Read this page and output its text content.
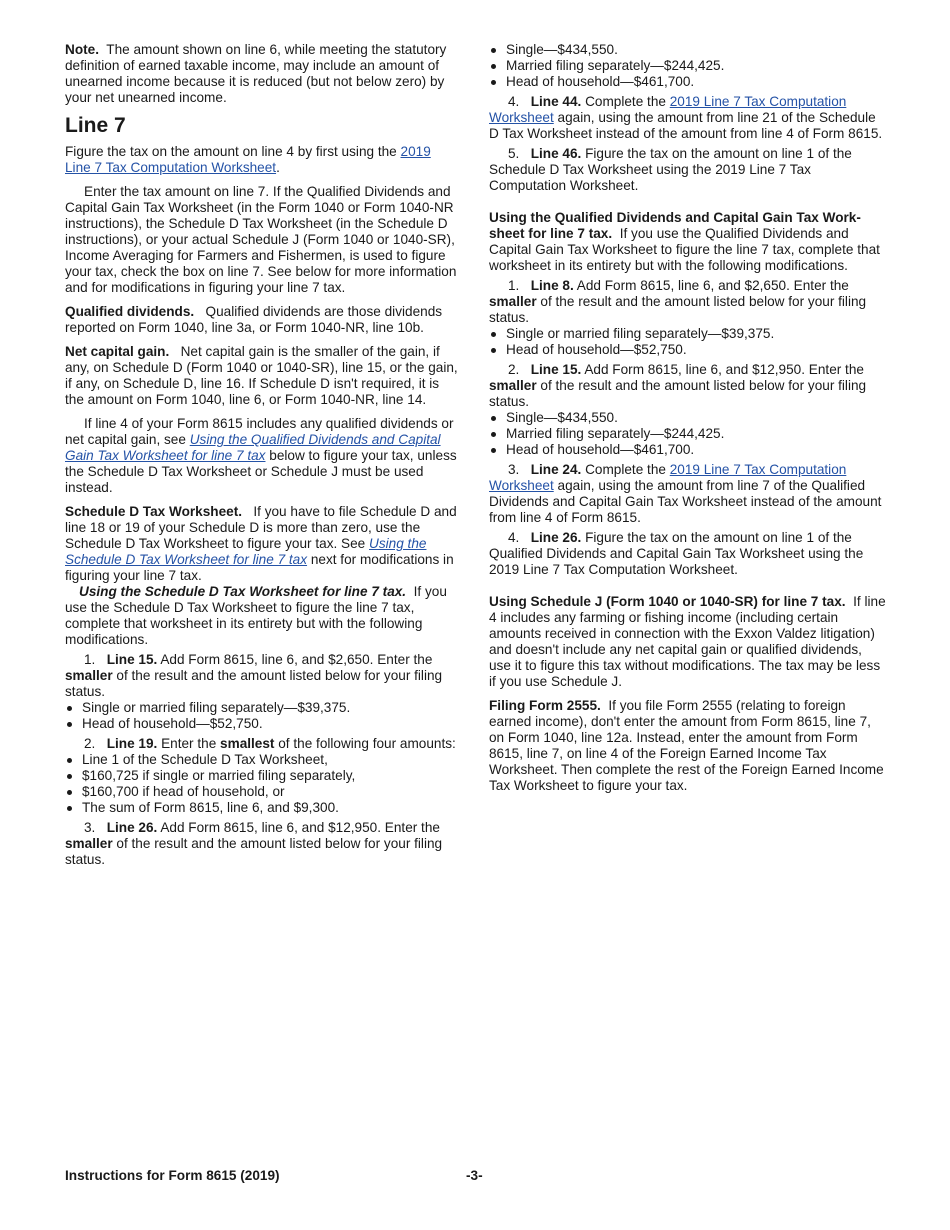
Note. The amount shown on line 6, while meeting the statutory definition of earned taxable income, may include an amount of unearned income because it is reduced (but not below zero) by your net unearned income.

Line 7

Figure the tax on the amount on line 4 by first using the 2019 Line 7 Tax Computation Worksheet.

Enter the tax amount on line 7. If the Qualified Dividends and Capital Gain Tax Worksheet (in the Form 1040 or Form 1040-NR instructions), the Schedule D Tax Worksheet (in the Schedule D instructions), or your actual Schedule J (Form 1040 or 1040-SR), Income Averaging for Farmers and Fishermen, is used to figure your tax, check the box on line 7. See below for more information and for modifications in figuring your line 7 tax.

Qualified dividends. Qualified dividends are those dividends reported on Form 1040, line 3a, or Form 1040-NR, line 10b.

Net capital gain. Net capital gain is the smaller of the gain, if any, on Schedule D (Form 1040 or 1040-SR), line 15, or the gain, if any, on Schedule D, line 16. If Schedule D isn't required, it is the amount on Form 1040, line 6, or Form 1040-NR, line 14.

If line 4 of your Form 8615 includes any qualified dividends or net capital gain, see Using the Qualified Dividends and Capital Gain Tax Worksheet for line 7 tax below to figure your tax, unless the Schedule D Tax Worksheet or Schedule J must be used instead.

Schedule D Tax Worksheet. If you have to file Schedule D and line 18 or 19 of your Schedule D is more than zero, use the Schedule D Tax Worksheet to figure your tax. See Using the Schedule D Tax Worksheet for line 7 tax next for modifications in figuring your line 7 tax.

Using the Schedule D Tax Worksheet for line 7 tax. If you use the Schedule D Tax Worksheet to figure the line 7 tax, complete that worksheet in its entirety but with the following modifications.

1. Line 15. Add Form 8615, line 6, and $2,650. Enter the smaller of the result and the amount listed below for your filing status.

Single or married filing separately—$39,375.
Head of household—$52,750.

2. Line 19. Enter the smallest of the following four amounts:

Line 1 of the Schedule D Tax Worksheet,
$160,725 if single or married filing separately,
$160,700 if head of household, or
The sum of Form 8615, line 6, and $9,300.

3. Line 26. Add Form 8615, line 6, and $12,950. Enter the smaller of the result and the amount listed below for your filing status.

Single—$434,550.
Married filing separately—$244,425.
Head of household—$461,700.

4. Line 44. Complete the 2019 Line 7 Tax Computation Worksheet again, using the amount from line 21 of the Schedule D Tax Worksheet instead of the amount from line 4 of Form 8615.

5. Line 46. Figure the tax on the amount on line 1 of the Schedule D Tax Worksheet using the 2019 Line 7 Tax Computation Worksheet.

Using the Qualified Dividends and Capital Gain Tax Work-sheet for line 7 tax. If you use the Qualified Dividends and Capital Gain Tax Worksheet to figure the line 7 tax, complete that worksheet in its entirety but with the following modifications.

1. Line 8. Add Form 8615, line 6, and $2,650. Enter the smaller of the result and the amount listed below for your filing status.

Single or married filing separately—$39,375.
Head of household—$52,750.

2. Line 15. Add Form 8615, line 6, and $12,950. Enter the smaller of the result and the amount listed below for your filing status.

Single—$434,550.
Married filing separately—$244,425.
Head of household—$461,700.

3. Line 24. Complete the 2019 Line 7 Tax Computation Worksheet again, using the amount from line 7 of the Qualified Dividends and Capital Gain Tax Worksheet instead of the amount from line 4 of Form 8615.

4. Line 26. Figure the tax on the amount on line 1 of the Qualified Dividends and Capital Gain Tax Worksheet using the 2019 Line 7 Tax Computation Worksheet.

Using Schedule J (Form 1040 or 1040-SR) for line 7 tax. If line 4 includes any farming or fishing income (including certain amounts received in connection with the Exxon Valdez litigation) and doesn't include any net capital gain or qualified dividends, use it to figure this tax without modifications. The tax may be less if you use Schedule J.

Filing Form 2555. If you file Form 2555 (relating to foreign earned income), don't enter the amount from Form 8615, line 7, on Form 1040, line 12a. Instead, enter the amount from Form 8615, line 7, on line 4 of the Foreign Earned Income Tax Worksheet. Then complete the rest of the Foreign Earned Income Tax Worksheet to figure your tax.

Instructions for Form 8615 (2019)	-3-
